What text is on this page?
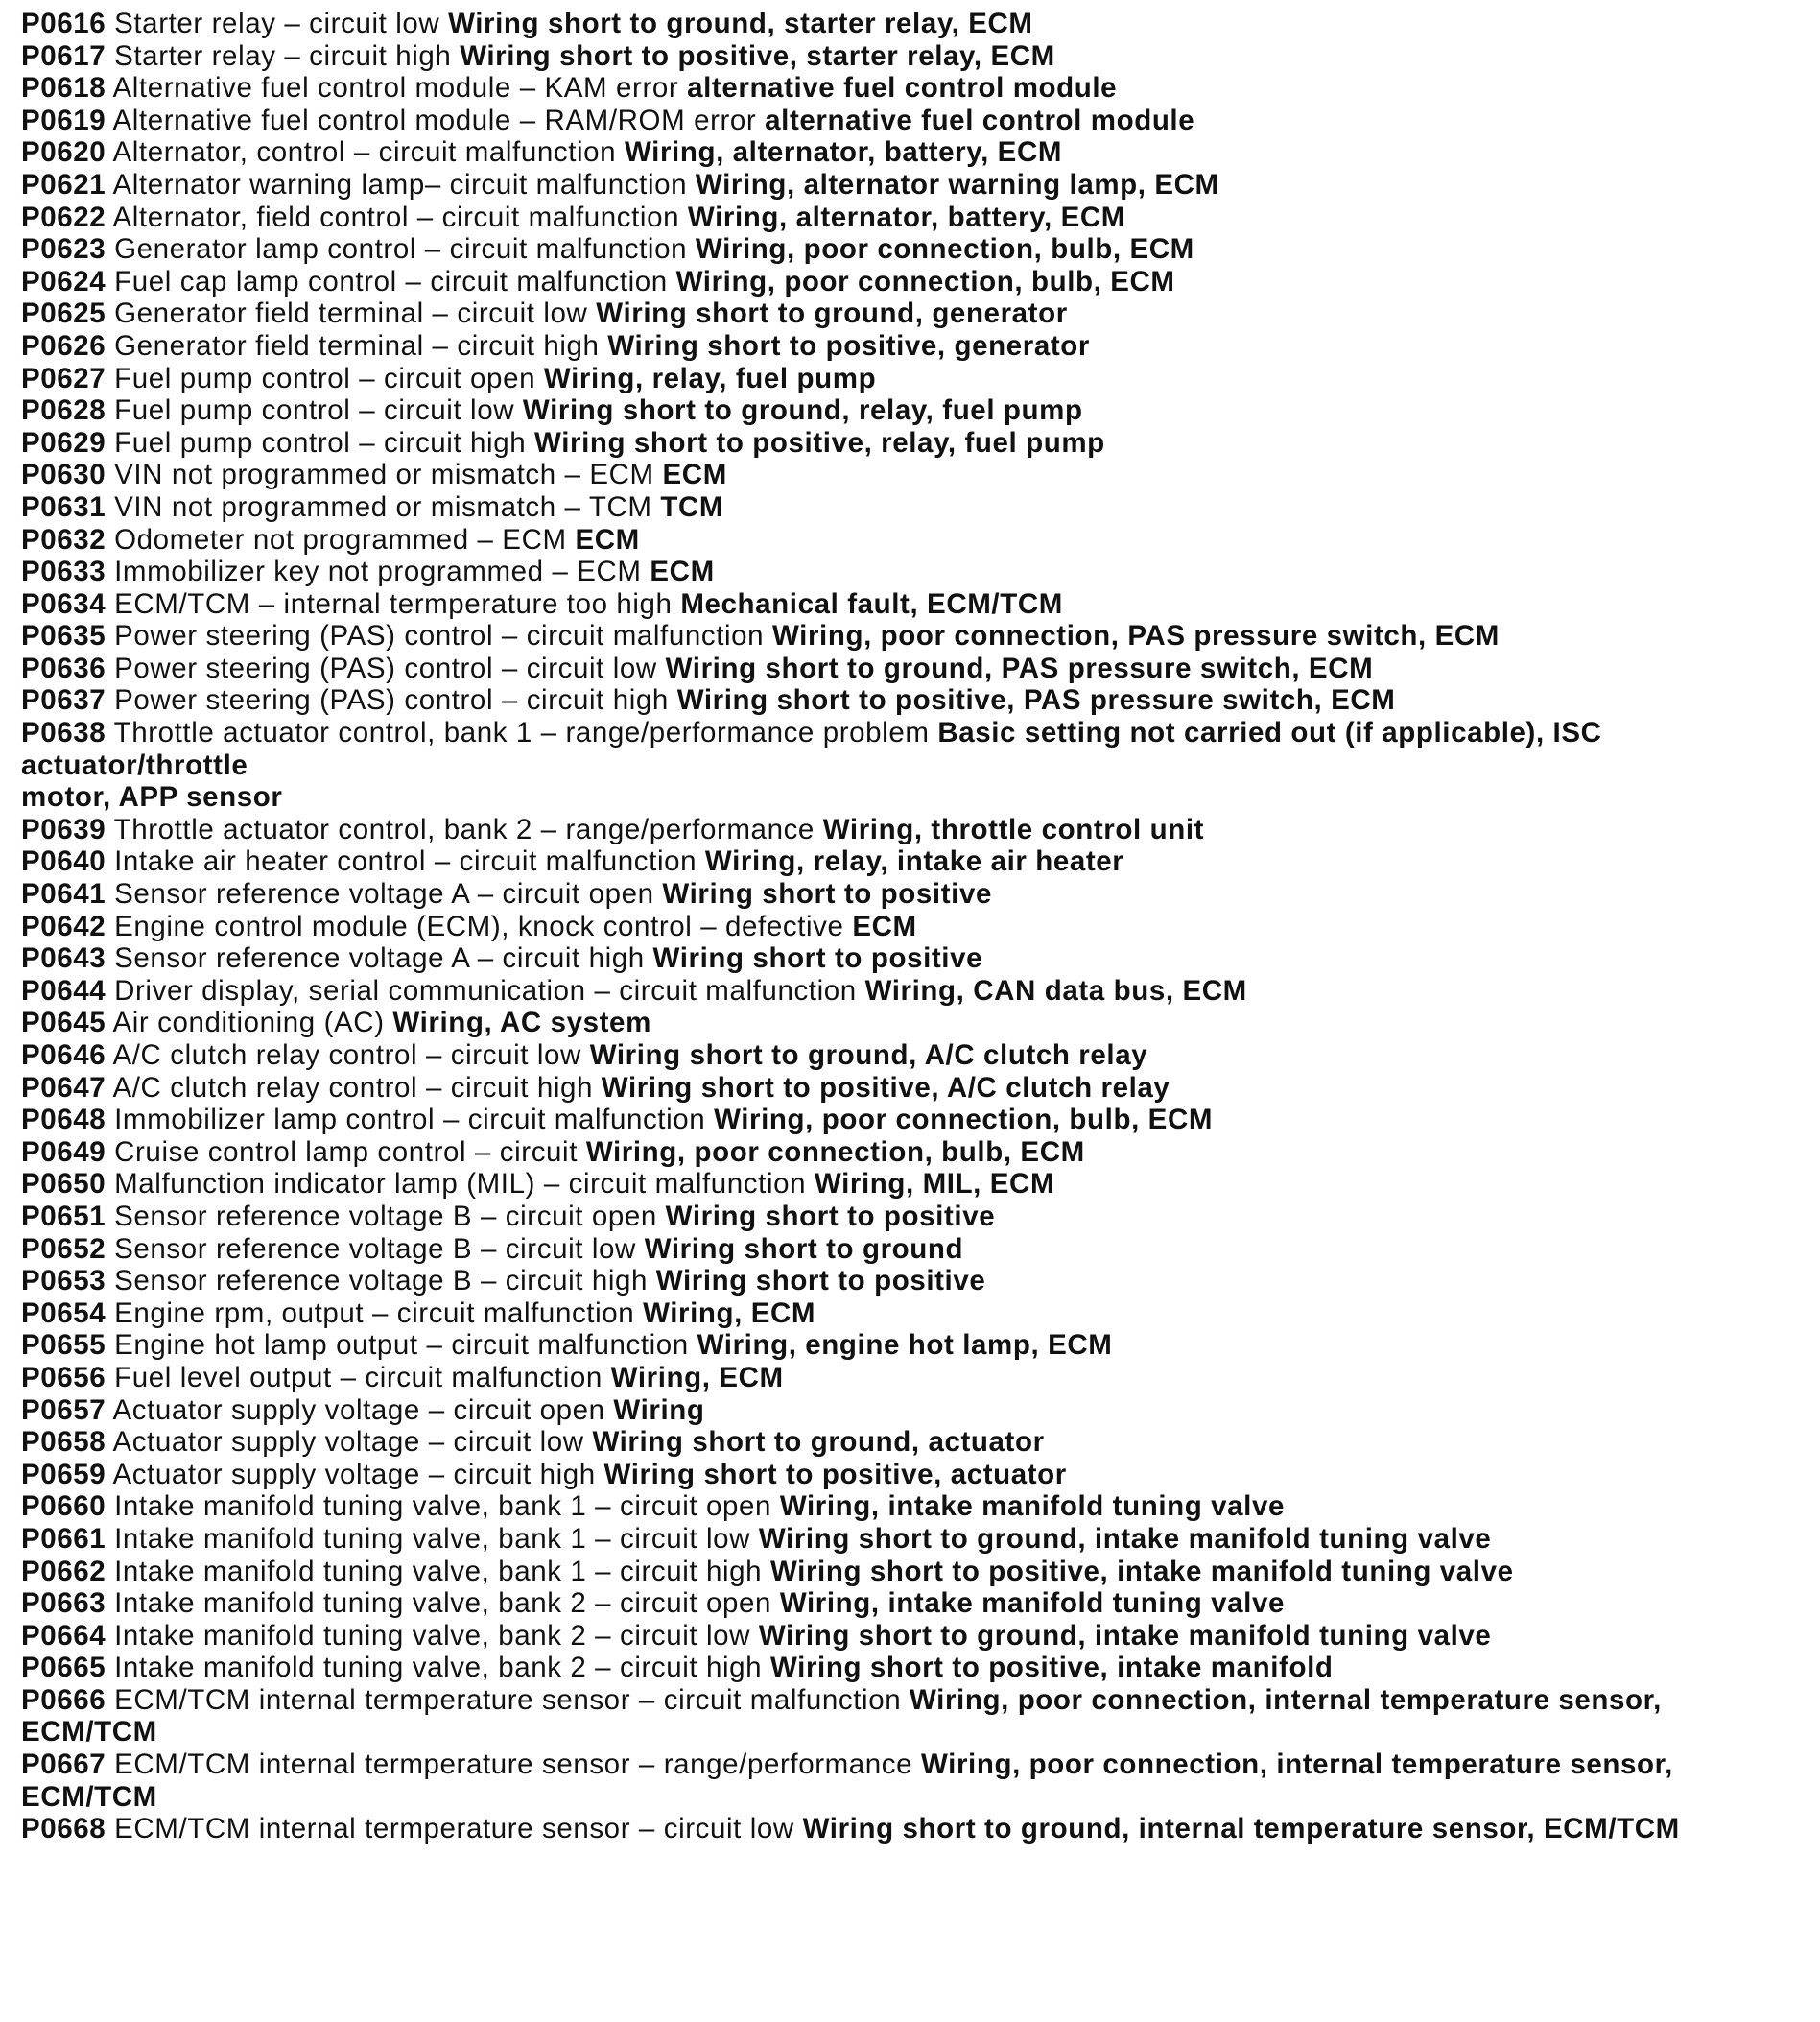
P0616 Starter relay – circuit low Wiring short to ground, starter relay, ECM
P0617 Starter relay – circuit high Wiring short to positive, starter relay, ECM
P0618 Alternative fuel control module – KAM error alternative fuel control module
P0619 Alternative fuel control module – RAM/ROM error alternative fuel control module
P0620 Alternator, control – circuit malfunction Wiring, alternator, battery, ECM
P0621 Alternator warning lamp– circuit malfunction Wiring, alternator warning lamp, ECM
P0622 Alternator, field control – circuit malfunction Wiring, alternator, battery, ECM
P0623 Generator lamp control – circuit malfunction Wiring, poor connection, bulb, ECM
P0624 Fuel cap lamp control – circuit malfunction Wiring, poor connection, bulb, ECM
P0625 Generator field terminal – circuit low Wiring short to ground, generator
P0626 Generator field terminal – circuit high Wiring short to positive, generator
P0627 Fuel pump control – circuit open Wiring, relay, fuel pump
P0628 Fuel pump control – circuit low Wiring short to ground, relay, fuel pump
P0629 Fuel pump control – circuit high Wiring short to positive, relay, fuel pump
P0630 VIN not programmed or mismatch – ECM ECM
P0631 VIN not programmed or mismatch – TCM TCM
P0632 Odometer not programmed – ECM ECM
P0633 Immobilizer key not programmed – ECM ECM
P0634 ECM/TCM – internal termperature too high Mechanical fault, ECM/TCM
P0635 Power steering (PAS) control – circuit malfunction Wiring, poor connection, PAS pressure switch, ECM
P0636 Power steering (PAS) control – circuit low Wiring short to ground, PAS pressure switch, ECM
P0637 Power steering (PAS) control – circuit high Wiring short to positive, PAS pressure switch, ECM
P0638 Throttle actuator control, bank 1 – range/performance problem Basic setting not carried out (if applicable), ISC actuator/throttle
motor, APP sensor
P0639 Throttle actuator control, bank 2 – range/performance Wiring, throttle control unit
P0640 Intake air heater control – circuit malfunction Wiring, relay, intake air heater
P0641 Sensor reference voltage A – circuit open Wiring short to positive
P0642 Engine control module (ECM), knock control – defective ECM
P0643 Sensor reference voltage A – circuit high Wiring short to positive
P0644 Driver display, serial communication – circuit malfunction Wiring, CAN data bus, ECM
P0645 Air conditioning (AC) Wiring, AC system
P0646 A/C clutch relay control – circuit low Wiring short to ground, A/C clutch relay
P0647 A/C clutch relay control – circuit high Wiring short to positive, A/C clutch relay
P0648 Immobilizer lamp control – circuit malfunction Wiring, poor connection, bulb, ECM
P0649 Cruise control lamp control – circuit Wiring, poor connection, bulb, ECM
P0650 Malfunction indicator lamp (MIL) – circuit malfunction Wiring, MIL, ECM
P0651 Sensor reference voltage B – circuit open Wiring short to positive
P0652 Sensor reference voltage B – circuit low Wiring short to ground
P0653 Sensor reference voltage B – circuit high Wiring short to positive
P0654 Engine rpm, output – circuit malfunction Wiring, ECM
P0655 Engine hot lamp output – circuit malfunction Wiring, engine hot lamp, ECM
P0656 Fuel level output – circuit malfunction Wiring, ECM
P0657 Actuator supply voltage – circuit open Wiring
P0658 Actuator supply voltage – circuit low Wiring short to ground, actuator
P0659 Actuator supply voltage – circuit high Wiring short to positive, actuator
P0660 Intake manifold tuning valve, bank 1 – circuit open Wiring, intake manifold tuning valve
P0661 Intake manifold tuning valve, bank 1 – circuit low Wiring short to ground, intake manifold tuning valve
P0662 Intake manifold tuning valve, bank 1 – circuit high Wiring short to positive, intake manifold tuning valve
P0663 Intake manifold tuning valve, bank 2 – circuit open Wiring, intake manifold tuning valve
P0664 Intake manifold tuning valve, bank 2 – circuit low Wiring short to ground, intake manifold tuning valve
P0665 Intake manifold tuning valve, bank 2 – circuit high Wiring short to positive, intake manifold
P0666 ECM/TCM internal termperature sensor – circuit malfunction Wiring, poor connection, internal temperature sensor, ECM/TCM
P0667 ECM/TCM internal termperature sensor – range/performance Wiring, poor connection, internal temperature sensor, ECM/TCM
P0668 ECM/TCM internal termperature sensor – circuit low Wiring short to ground, internal temperature sensor, ECM/TCM
